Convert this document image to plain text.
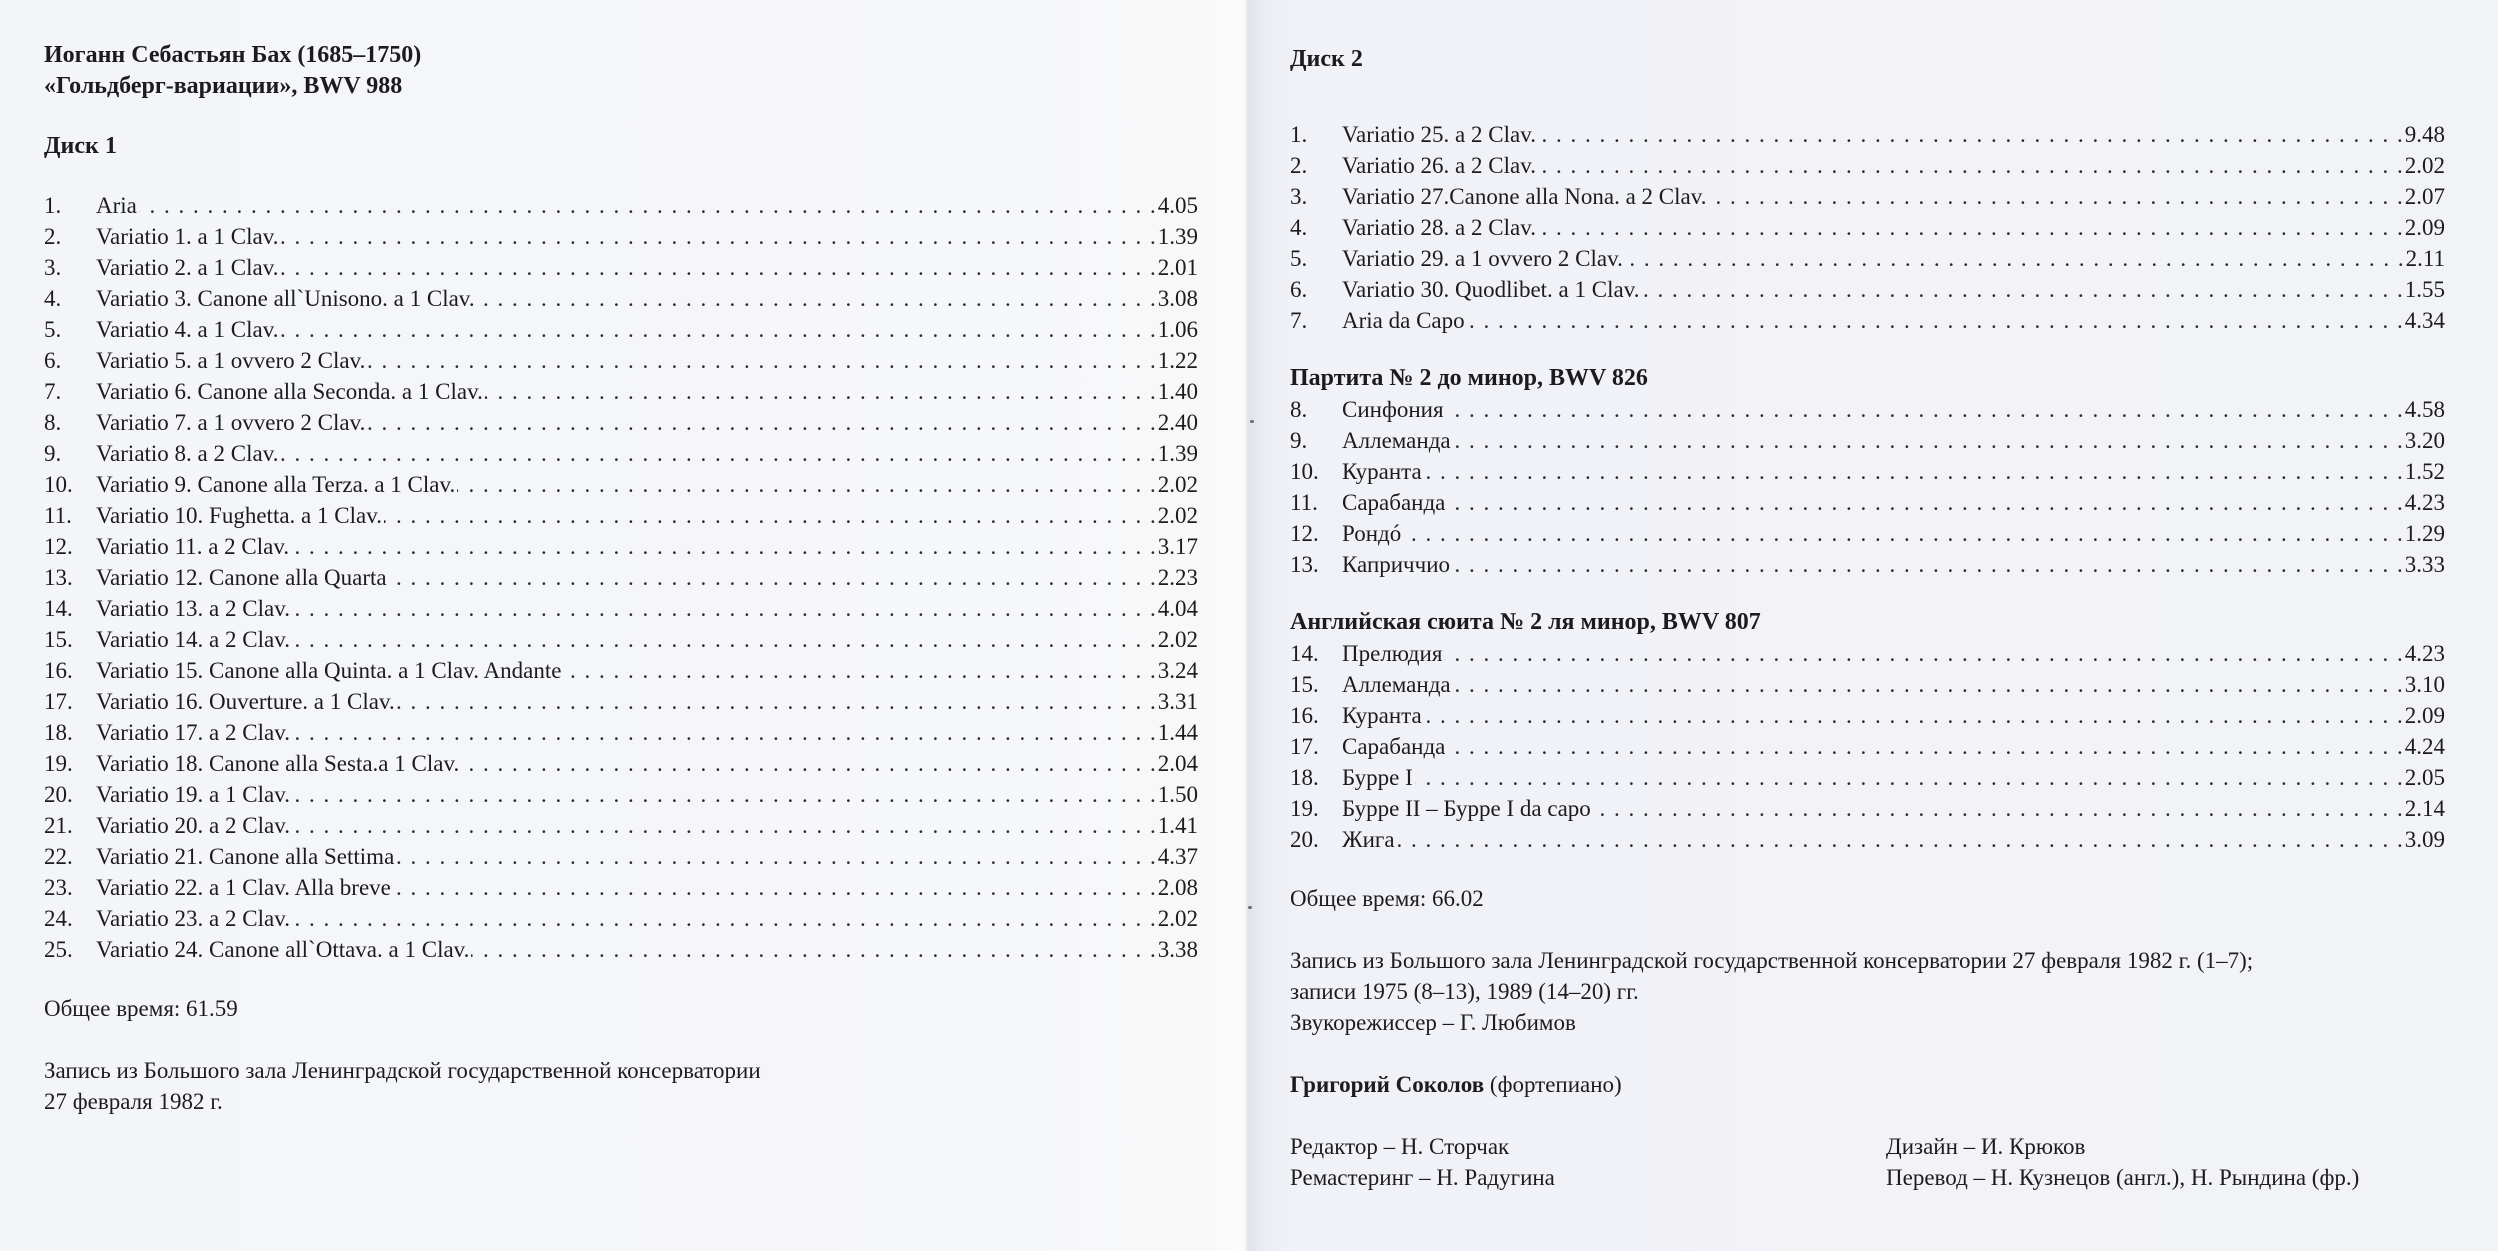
Иоганн Себастьян Бах (1685–1750)
«Гольдберг-вариации», BWV 988
Диск 1
1.	Aria . . .	4.05
2.	Variatio 1. a 1 Clav. . . .	1.39
3.	Variatio 2. a 1 Clav. . . .	2.01
4.	Variatio 3. Canone all`Unisono. a 1 Clav. . . .	3.08
5.	Variatio 4. a 1 Clav. . . .	1.06
6.	Variatio 5. a 1 ovvero 2 Clav. . . .	1.22
7.	Variatio 6. Canone alla Seconda. a 1 Clav. . . .	1.40
8.	Variatio 7. a 1 ovvero 2 Clav. . . .	2.40
9.	Variatio 8. a 2 Clav. . . .	1.39
10.	Variatio 9. Canone alla Terza. a 1 Clav. . . .	2.02
11.	Variatio 10. Fughetta. a 1 Clav. . . .	2.02
12.	Variatio 11. a 2 Clav. . . .	3.17
13.	Variatio 12. Canone alla Quarta . . .	2.23
14.	Variatio 13. a 2 Clav. . . .	4.04
15.	Variatio 14. a 2 Clav. . . .	2.02
16.	Variatio 15. Canone alla Quinta. a 1 Clav. Andante . . .	3.24
17.	Variatio 16. Ouverture. a 1 Clav. . . .	3.31
18.	Variatio 17. a 2 Clav. . . .	1.44
19.	Variatio 18. Canone alla Sesta.a 1 Clav. . . .	2.04
20.	Variatio 19. a 1 Clav. . . .	1.50
21.	Variatio 20. a 2 Clav. . . .	1.41
22.	Variatio 21. Canone alla Settima . . .	4.37
23.	Variatio 22. a 1 Clav. Alla breve . . .	2.08
24.	Variatio 23. a 2 Clav. . . .	2.02
25.	Variatio 24. Canone all`Ottava. a 1 Clav. . . .	3.38
Общее время: 61.59
Запись из Большого зала Ленинградской государственной консерватории
27 февраля 1982 г.
Диск 2
1.	Variatio 25. a 2 Clav. . . .	9.48
2.	Variatio 26. a 2 Clav. . . .	2.02
3.	Variatio 27.Canone alla Nona. a 2 Clav. . . .	2.07
4.	Variatio 28. a 2 Clav. . . .	2.09
5.	Variatio 29. a 1 ovvero 2 Clav. . . .	2.11
6.	Variatio 30. Quodlibet. a 1 Clav. . . .	1.55
7.	Aria da Capo . . .	4.34
Партита № 2 до минор, BWV 826
8.	Синфония . . .	4.58
9.	Аллеманда . . .	3.20
10.	Куранта . . .	1.52
11.	Сарабанда . . .	4.23
12.	Рондó . . .	1.29
13.	Каприччио . . .	3.33
Английская сюита № 2 ля минор, BWV 807
14.	Прелюдия . . .	4.23
15.	Аллеманда . . .	3.10
16.	Куранта . . .	2.09
17.	Сарабанда . . .	4.24
18.	Бурре I . . .	2.05
19.	Бурре II – Бурре I da capo . . .	2.14
20.	Жига . . .	3.09
Общее время: 66.02
Запись из Большого зала Ленинградской государственной консерватории 27 февраля 1982 г. (1–7);
записи 1975 (8–13), 1989 (14–20) гг.
Звукорежиссер – Г. Любимов
Григорий Соколов (фортепиано)
Редактор – Н. Сторчак
Ремастеринг – Н. Радугина
Дизайн – И. Крюков
Перевод – Н. Кузнецов (англ.), Н. Рындина (фр.)
